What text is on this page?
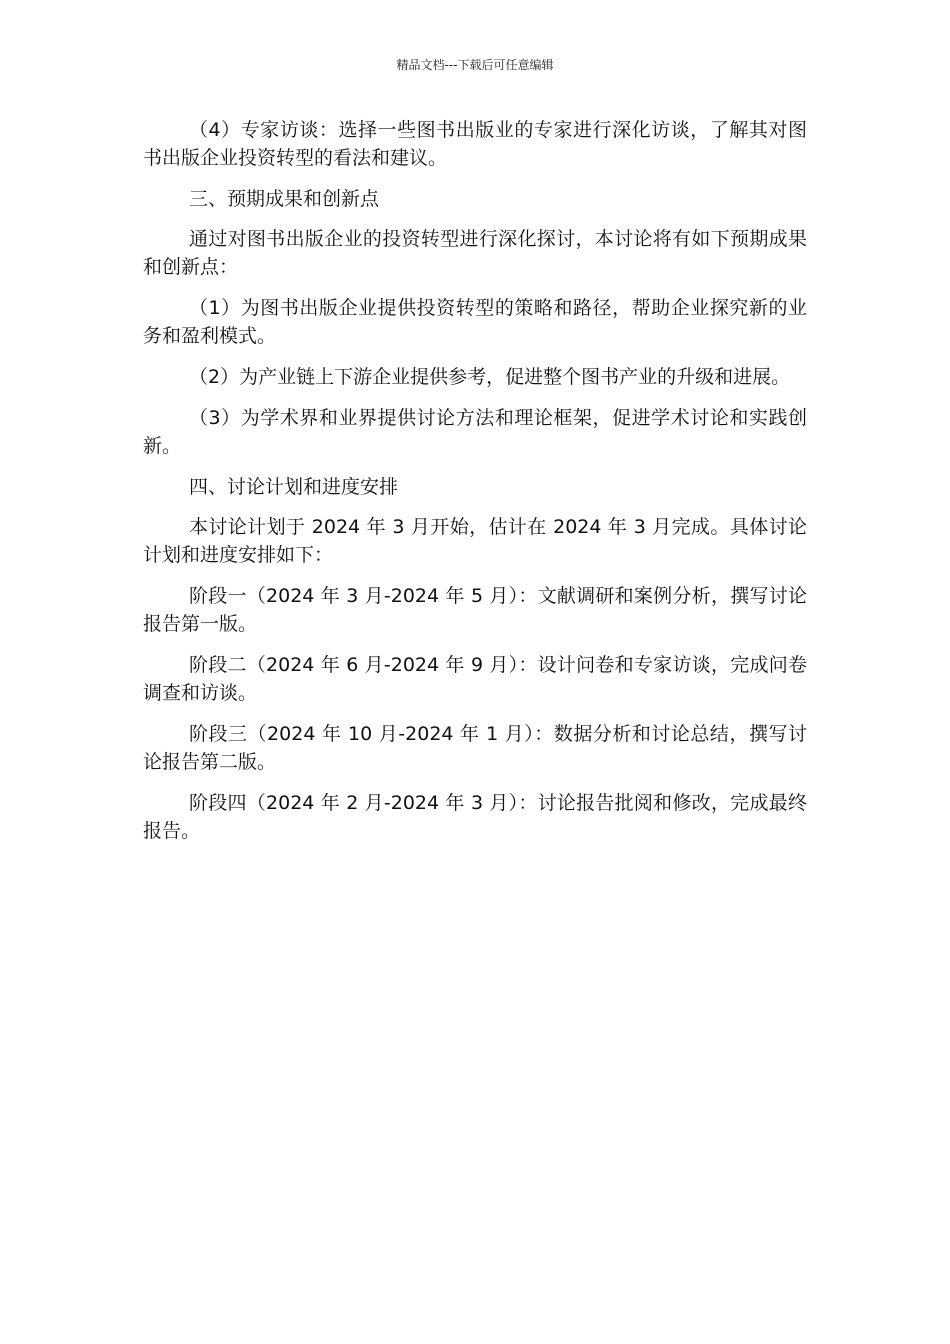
精品文档---下载后可任意编辑

（4）专家访谈：选择一些图书出版业的专家进行深化访谈，了解其对图书出版企业投资转型的看法和建议。

三、预期成果和创新点

通过对图书出版企业的投资转型进行深化探讨，本讨论将有如下预期成果和创新点：

（1）为图书出版企业提供投资转型的策略和路径，帮助企业探究新的业务和盈利模式。

（2）为产业链上下游企业提供参考，促进整个图书产业的升级和进展。

（3）为学术界和业界提供讨论方法和理论框架，促进学术讨论和实践创新。

四、讨论计划和进度安排

本讨论计划于 2024 年 3 月开始，估计在 2024 年 3 月完成。具体讨论计划和进度安排如下：

阶段一（2024 年 3 月-2024 年 5 月）：文献调研和案例分析，撰写讨论报告第一版。

阶段二（2024 年 6 月-2024 年 9 月）：设计问卷和专家访谈，完成问卷调查和访谈。

阶段三（2024 年 10 月-2024 年 1 月）：数据分析和讨论总结，撰写讨论报告第二版。

阶段四（2024 年 2 月-2024 年 3 月）：讨论报告批阅和修改，完成最终报告。
